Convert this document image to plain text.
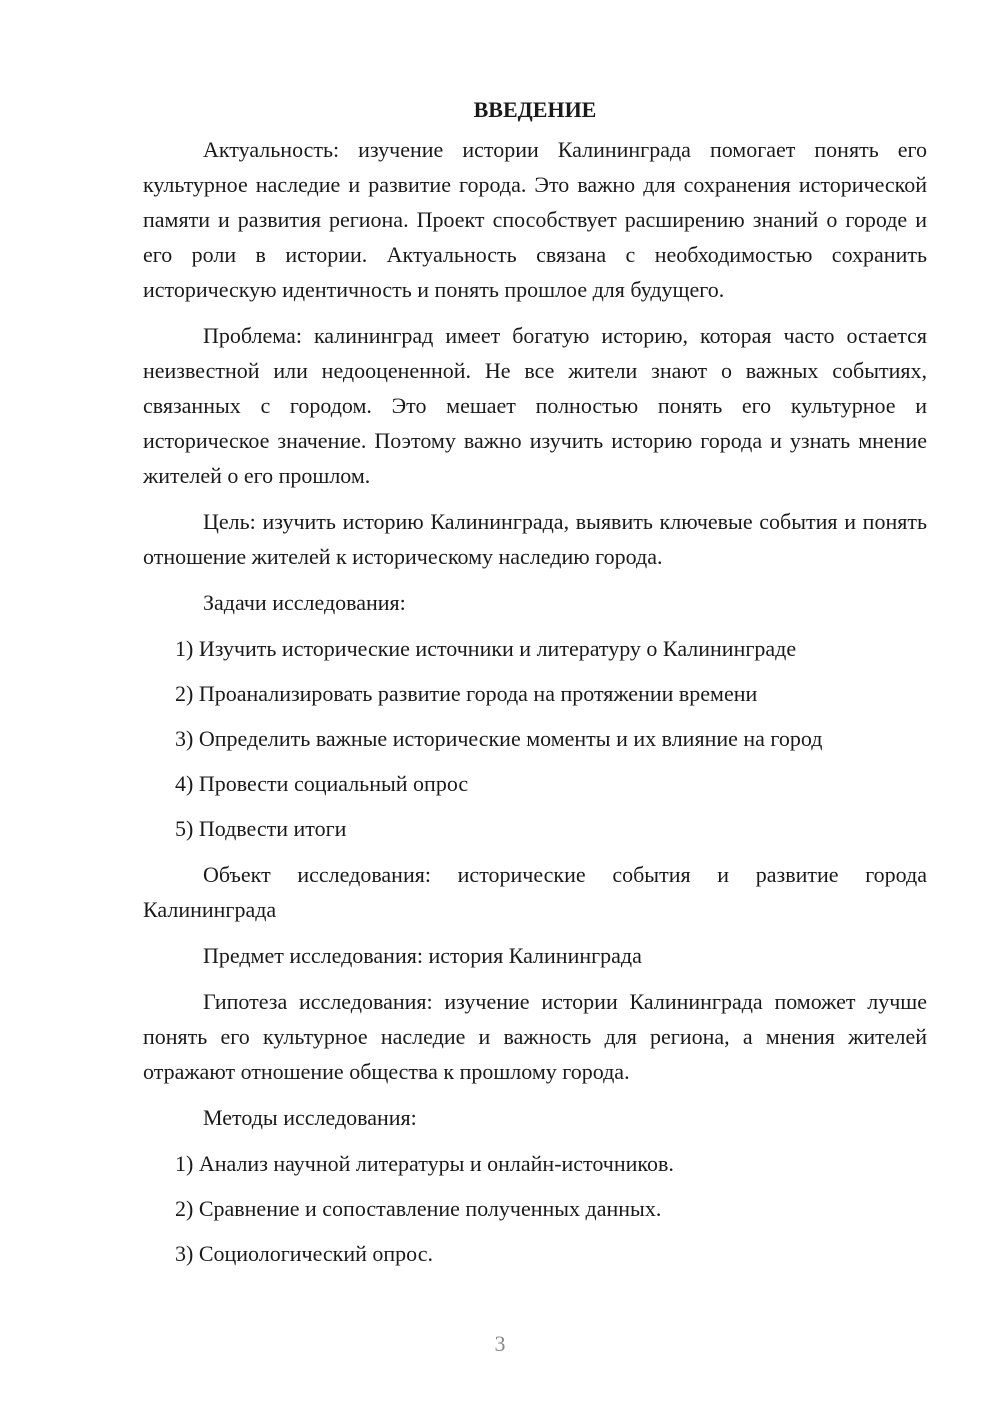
ВВЕДЕНИЕ

Актуальность: изучение истории Калининграда помогает понять его культурное наследие и развитие города. Это важно для сохранения исторической памяти и развития региона. Проект способствует расширению знаний о городе и его роли в истории. Актуальность связана с необходимостью сохранить историческую идентичность и понять прошлое для будущего.

Проблема: калининград имеет богатую историю, которая часто остается неизвестной или недооцененной. Не все жители знают о важных событиях, связанных с городом. Это мешает полностью понять его культурное и историческое значение. Поэтому важно изучить историю города и узнать мнение жителей о его прошлом.

Цель: изучить историю Калининграда, выявить ключевые события и понять отношение жителей к историческому наследию города.

Задачи исследования:

1) Изучить исторические источники и литературу о Калининграде
2) Проанализировать развитие города на протяжении времени
3) Определить важные исторические моменты и их влияние на город
4) Провести социальный опрос
5) Подвести итоги

Объект исследования: исторические события и развитие города Калининграда

Предмет исследования: история Калининграда

Гипотеза исследования: изучение истории Калининграда поможет лучше понять его культурное наследие и важность для региона, а мнения жителей отражают отношение общества к прошлому города.

Методы исследования:

1) Анализ научной литературы и онлайн-источников.
2) Сравнение и сопоставление полученных данных.
3) Социологический опрос.
3
